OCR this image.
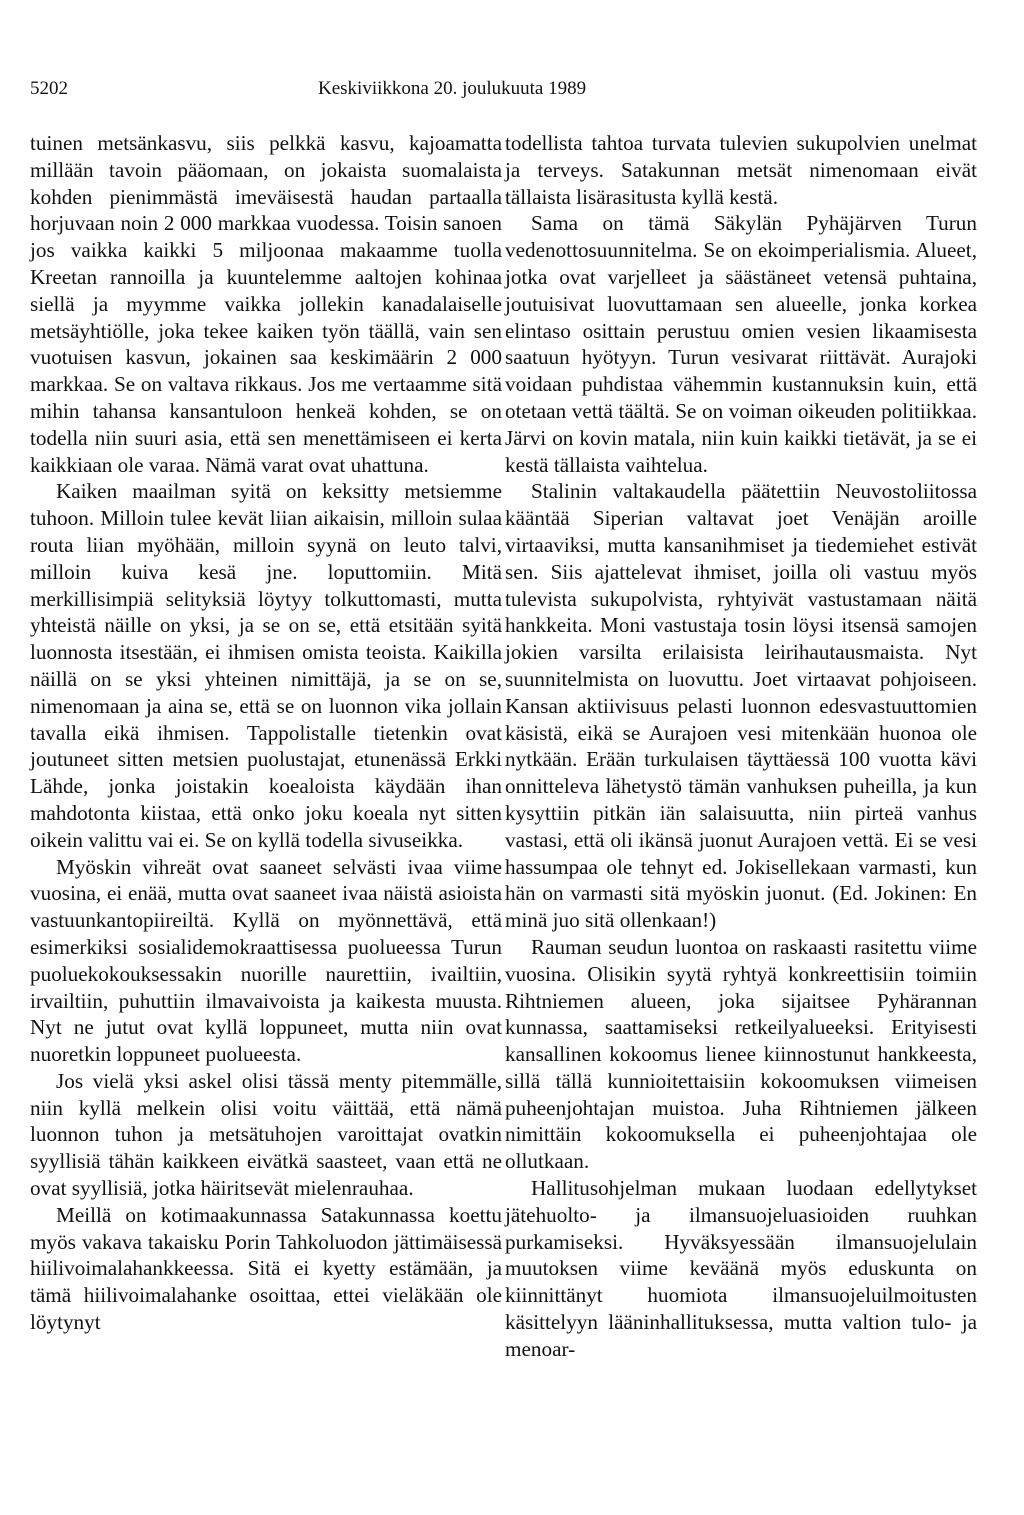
5202	Keskiviikkona 20. joulukuuta 1989

tuinen metsänkasvu, siis pelkkä kasvu, kajoamatta millään tavoin pääomaan, on jokaista suomalaista kohden pienimmästä imeväisestä haudan partaalla horjuvaan noin 2 000 markkaa vuodessa. Toisin sanoen jos vaikka kaikki 5 miljoonaa makaamme tuolla Kreetan rannoilla ja kuuntelemme aaltojen kohinaa siellä ja myymme vaikka jollekin kanadalaiselle metsäyhtiölle, joka tekee kaiken työn täällä, vain sen vuotuisen kasvun, jokainen saa keskimäärin 2 000 markkaa. Se on valtava rikkaus. Jos me vertaamme sitä mihin tahansa kansantuloon henkeä kohden, se on todella niin suuri asia, että sen menettämiseen ei kerta kaikkiaan ole varaa. Nämä varat ovat uhattuna.

Kaiken maailman syitä on keksitty metsiemme tuhoon. Milloin tulee kevät liian aikaisin, milloin sulaa routa liian myöhään, milloin syynä on leuto talvi, milloin kuiva kesä jne. loputtomiin. Mitä merkillisimpiä selityksiä löytyy tolkuttomasti, mutta yhteistä näille on yksi, ja se on se, että etsitään syitä luonnosta itsestään, ei ihmisen omista teoista. Kaikilla näillä on se yksi yhteinen nimittäjä, ja se on se, nimenomaan ja aina se, että se on luonnon vika jollain tavalla eikä ihmisen. Tappolistalle tietenkin ovat joutuneet sitten metsien puolustajat, etunenässä Erkki Lähde, jonka joistakin koealoista käydään ihan mahdotonta kiistaa, että onko joku koeala nyt sitten oikein valittu vai ei. Se on kyllä todella sivuseikka.

Myöskin vihreät ovat saaneet selvästi ivaa viime vuosina, ei enää, mutta ovat saaneet ivaa näistä asioista vastuunkantopiireiltä. Kyllä on myönnettävä, että esimerkiksi sosialidemokraattisessa puolueessa Turun puoluekokouksessakin nuorille naurettiin, ivailtiin, irvailtiin, puhuttiin ilmavaivoista ja kaikesta muusta. Nyt ne jutut ovat kyllä loppuneet, mutta niin ovat nuoretkin loppuneet puolueesta.

Jos vielä yksi askel olisi tässä menty pitemmälle, niin kyllä melkein olisi voitu väittää, että nämä luonnon tuhon ja metsätuhojen varoittajat ovatkin syyllisiä tähän kaikkeen eivätkä saasteet, vaan että ne ovat syyllisiä, jotka häiritsevät mielenrauhaa.

Meillä on kotimaakunnassa Satakunnassa koettu myös vakava takaisku Porin Tahkoluodon jättimäisessä hiilivoimalahankkeessa. Sitä ei kyetty estämään, ja tämä hiilivoimalahanke osoittaa, ettei vieläkään ole löytynyt

todellista tahtoa turvata tulevien sukupolvien unelmat ja terveys. Satakunnan metsät nimenomaan eivät tällaista lisärasitusta kyllä kestä.

Sama on tämä Säkylän Pyhäjärven Turun vedenottosuunnitelma. Se on ekoimperialismia. Alueet, jotka ovat varjelleet ja säästäneet vetensä puhtaina, joutuisivat luovuttamaan sen alueelle, jonka korkea elintaso osittain perustuu omien vesien likaamisesta saatuun hyötyyn. Turun vesivarat riittävät. Aurajoki voidaan puhdistaa vähemmin kustannuksin kuin, että otetaan vettä täältä. Se on voiman oikeuden politiikkaa. Järvi on kovin matala, niin kuin kaikki tietävät, ja se ei kestä tällaista vaihtelua.

Stalinin valtakaudella päätettiin Neuvostoliitossa kääntää Siperian valtavat joet Venäjän aroille virtaaviksi, mutta kansanihmiset ja tiedemiehet estivät sen. Siis ajattelevat ihmiset, joilla oli vastuu myös tulevista sukupolvista, ryhtyivät vastustamaan näitä hankkeita. Moni vastustaja tosin löysi itsensä samojen jokien varsilta erilaisista leirihautausmaista. Nyt suunnitelmista on luovuttu. Joet virtaavat pohjoiseen. Kansan aktiivisuus pelasti luonnon edesvastuuttomien käsistä, eikä se Aurajoen vesi mitenkään huonoa ole nytkään. Erään turkulaisen täyttäessä 100 vuotta kävi onnitteleva lähetystö tämän vanhuksen puheilla, ja kun kysyttiin pitkän iän salaisuutta, niin pirteä vanhus vastasi, että oli ikänsä juonut Aurajoen vettä. Ei se vesi hassumpaa ole tehnyt ed. Jokisellekaan varmasti, kun hän on varmasti sitä myöskin juonut. (Ed. Jokinen: En minä juo sitä ollenkaan!)

Rauman seudun luontoa on raskaasti rasitettu viime vuosina. Olisikin syytä ryhtyä konkreettisiin toimiin Rihtniemen alueen, joka sijaitsee Pyhärannan kunnassa, saattamiseksi retkeilyalueeksi. Erityisesti kansallinen kokoomus lienee kiinnostunut hankkeesta, sillä tällä kunnioitettaisiin kokoomuksen viimeisen puheenjohtajan muistoa. Juha Rihtniemen jälkeen nimittäin kokoomuksella ei puheenjohtajaa ole ollutkaan.

Hallitusohjelman mukaan luodaan edellytykset jätehuolto- ja ilmansuojeluasioiden ruuhkan purkamiseksi. Hyväksyessään ilmansuojelulain muutoksen viime keväänä myös eduskunta on kiinnittänyt huomiota ilmansuojeluilmoitusten käsittelyyn lääninhallituksessa, mutta valtion tulo- ja menoar-
